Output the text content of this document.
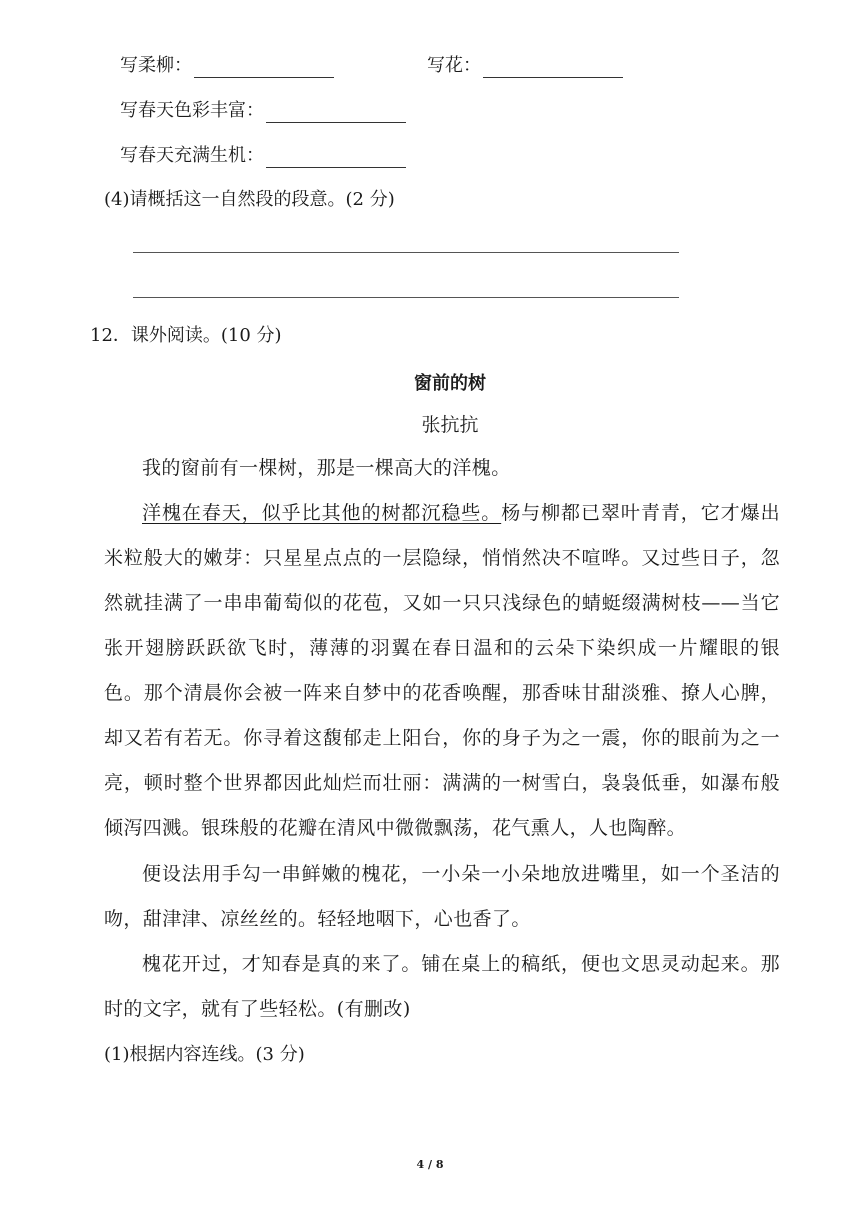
写柔柳：	写花：
写春天色彩丰富：
写春天充满生机：
(4)请概括这一自然段的段意。(2 分)
12．课外阅读。(10 分)
窗前的树
张抗抗
我的窗前有一棵树，那是一棵高大的洋槐。
洋槐在春天，似乎比其他的树都沉稳些。杨与柳都已翠叶青青，它才爆出米粒般大的嫩芽：只星星点点的一层隐绿，悄悄然决不喧哗。又过些日子，忽然就挂满了一串串葡萄似的花苞，又如一只只浅绿色的蜻蜓缀满树枝——当它张开翅膀跃跃欲飞时，薄薄的羽翼在春日温和的云朵下染织成一片耀眼的银色。那个清晨你会被一阵来自梦中的花香唤醒，那香味甘甜淡雅、撩人心脾，却又若有若无。你寻着这馥郁走上阳台，你的身子为之一震，你的眼前为之一亮，顿时整个世界都因此灿烂而壮丽：满满的一树雪白，袅袅低垂，如瀑布般倾泻四溅。银珠般的花瓣在清风中微微飘荡，花气熏人，人也陶醉。
便设法用手勾一串鲜嫩的槐花，一小朵一小朵地放进嘴里，如一个圣洁的吻，甜津津、凉丝丝的。轻轻地咽下，心也香了。
槐花开过，才知春是真的来了。铺在桌上的稿纸，便也文思灵动起来。那时的文字，就有了些轻松。(有删改)
(1)根据内容连线。(3 分)
4 / 8
